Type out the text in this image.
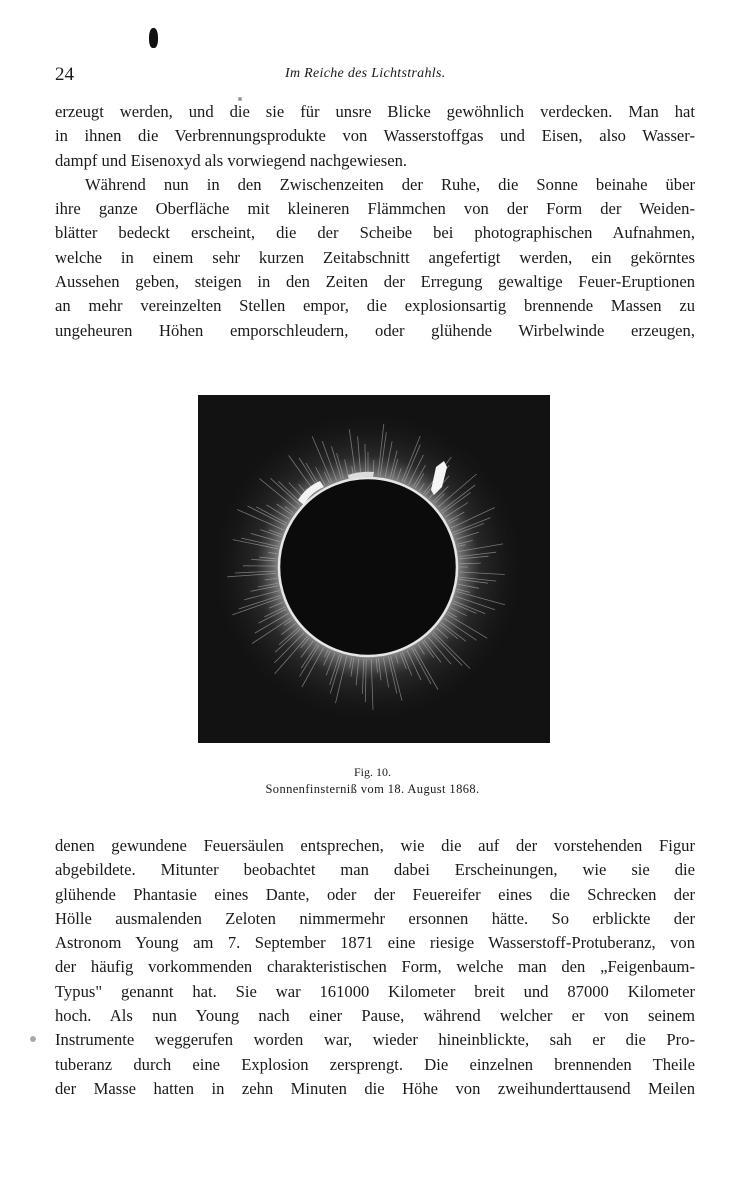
24	Im Reiche des Lichtstrahls.
erzeugt werden, und die sie für unsre Blicke gewöhnlich verdecken. Man hat
in ihnen die Verbrennungsprodukte von Wasserstoffgas und Eisen, also Wasser-
dampf und Eisenoxyd als vorwiegend nachgewiesen.
Während nun in den Zwischenzeiten der Ruhe, die Sonne beinahe über
ihre ganze Oberfläche mit kleineren Flämmchen von der Form der Weiden-
blätter bedeckt erscheint, die der Scheibe bei photographischen Aufnahmen,
welche in einem sehr kurzen Zeitabschnitt angefertigt werden, ein gekörntes
Aussehen geben, steigen in den Zeiten der Erregung gewaltige Feuer-Eruptionen
an mehr vereinzelten Stellen empor, die explosionsartig brennende Massen zu
ungeheuren Höhen emporschleudern, oder glühende Wirbelwinde erzeugen,
Fig. 10.
Sonnenfinsterniß vom 18. August 1868.
denen gewundene Feuersäulen entsprechen, wie die auf der vorstehenden Figur
abgebildete. Mitunter beobachtet man dabei Erscheinungen, wie sie die
glühende Phantasie eines Dante, oder der Feuereifer eines die Schrecken der
Hölle ausmalenden Zeloten nimmermehr ersonnen hätte. So erblickte der
Astronom Young am 7. September 1871 eine riesige Wasserstoff-Protuberanz, von
der häufig vorkommenden charakteristischen Form, welche man den „Feigenbaum-
Typus" genannt hat. Sie war 161000 Kilometer breit und 87000 Kilometer
hoch. Als nun Young nach einer Pause, während welcher er von seinem
Instrumente weggerufen worden war, wieder hineinblickte, sah er die Pro-
tuberanz durch eine Explosion zersprengt. Die einzelnen brennenden Theile
der Masse hatten in zehn Minuten die Höhe von zweihunderttausend Meilen
